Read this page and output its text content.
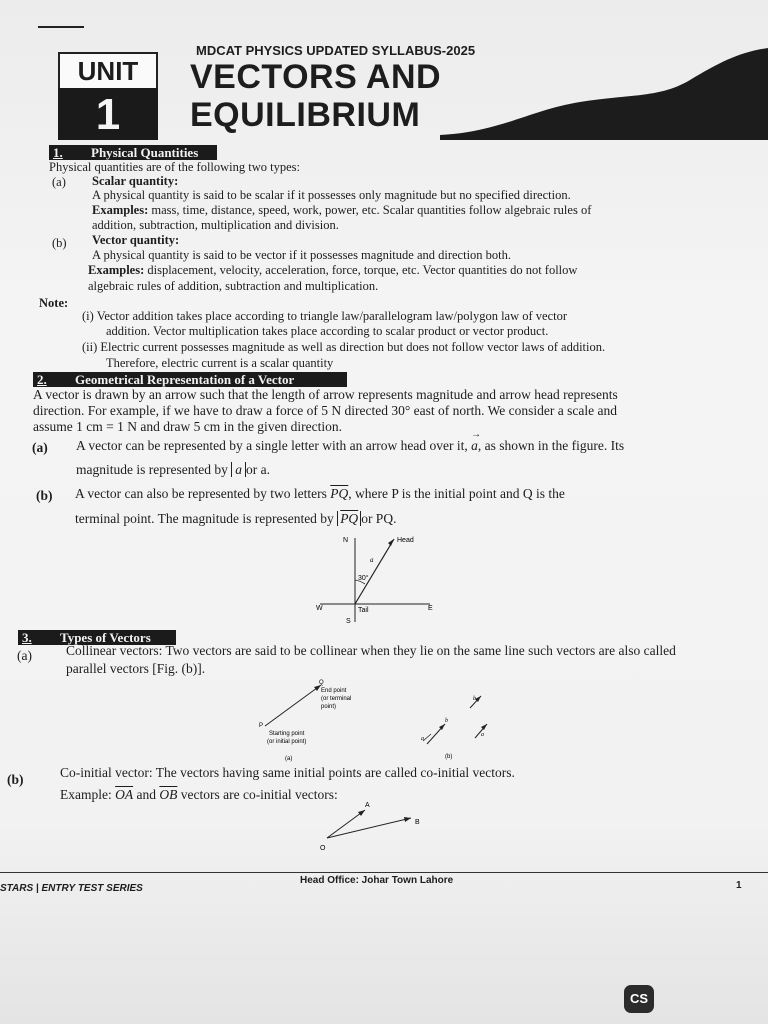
UNIT
1
MDCAT PHYSICS UPDATED SYLLABUS-2025
VECTORS AND
EQUILIBRIUM
1. Physical Quantities
Physical quantities are of the following two types:
(a) Scalar quantity:
A physical quantity is said to be scalar if it possesses only magnitude but no specified direction.
Examples: mass, time, distance, speed, work, power, etc. Scalar quantities follow algebraic rules of
addition, subtraction, multiplication and division.
(b) Vector quantity:
A physical quantity is said to be vector if it possesses magnitude and direction both.
Examples: displacement, velocity, acceleration, force, torque, etc. Vector quantities do not follow
algebraic rules of addition, subtraction and multiplication.
Note:
(i) Vector addition takes place according to triangle law/parallelogram law/polygon law of vector
addition. Vector multiplication takes place according to scalar product or vector product.
(ii) Electric current possesses magnitude as well as direction but does not follow vector laws of addition.
Therefore, electric current is a scalar quantity
2. Geometrical Representation of a Vector
A vector is drawn by an arrow such that the length of arrow represents magnitude and arrow head represents
direction. For example, if we have to draw a force of 5 N directed 30° east of north. We consider a scale and
assume 1 cm = 1 N and draw 5 cm in the given direction.
(a) A vector can be represented by a single letter with an arrow head over it,
→
a, as shown in the figure. Its
magnitude is represented by a or a.
(b) A vector can also be represented by two letters $\overline{PQ}$, where P is the initial point and Q is the
terminal point. The magnitude is represented by $\overline{PQ}$ or PQ.
N
S
W	E
Head
Tail
30°
a
3. Types of Vectors
(a)	Collinear vectors: Two vectors are said to be collinear when they lie on the same line such vectors are also called
parallel vectors [Fig. (b)].
Q
P
End point
(or terminal
point)
Starting point
(or initial point)
(a)
b
b
a
a
(b)
(b)	Co-initial vector: The vectors having same initial points are called co-initial vectors.
Example: $\overline{OA}$ and $\overline{OB}$ vectors are co-initial vectors:
A
B
O
STARS | ENTRY TEST SERIES
Head Office: Johar Town Lahore	1
CS
